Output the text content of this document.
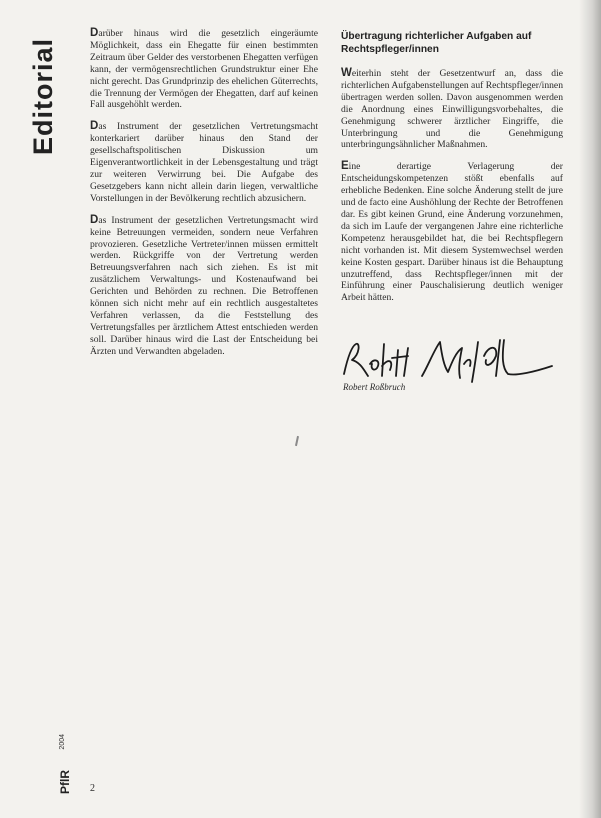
Editorial

Darüber hinaus wird die gesetzlich eingeräumte Möglichkeit, dass ein Ehegatte für einen bestimmten Zeitraum über Gelder des verstorbenen Ehegatten verfügen kann, der vermögensrechtlichen Grundstruktur einer Ehe nicht gerecht. Das Grundprinzip des ehelichen Güterrechts, die Trennung der Vermögen der Ehegatten, darf auf keinen Fall ausgehöhlt werden.

Das Instrument der gesetzlichen Vertretungsmacht konterkariert darüber hinaus den Stand der gesellschaftspolitischen Diskussion um Eigenverantwortlichkeit in der Lebensgestaltung und trägt zur weiteren Verwirrung bei. Die Aufgabe des Gesetzgebers kann nicht allein darin liegen, verwaltliche Vorstellungen in der Bevölkerung rechtlich abzusichern.

Das Instrument der gesetzlichen Vertretungsmacht wird keine Betreuungen vermeiden, sondern neue Verfahren provozieren. Gesetzliche Vertreter/innen müssen ermittelt werden. Rückgriffe von der Vertretung werden Betreuungsverfahren nach sich ziehen. Es ist mit zusätzlichem Verwaltungs- und Kostenaufwand bei Gerichten und Behörden zu rechnen. Die Betroffenen können sich nicht mehr auf ein rechtlich ausgestaltetes Verfahren verlassen, da die Feststellung des Vertretungsfalles per ärztlichem Attest entschieden werden soll. Darüber hinaus wird die Last der Entscheidung bei Ärzten und Verwandten abgeladen.

Übertragung richterlicher Aufgaben auf Rechtspfleger/innen

Weiterhin steht der Gesetzentwurf an, dass die richterlichen Aufgabenstellungen auf Rechtspfleger/innen übertragen werden sollen. Davon ausgenommen werden die Anordnung eines Einwilligungsvorbehaltes, die Genehmigung schwerer ärztlicher Eingriffe, die Unterbringung und die Genehmigung unterbringungsähnlicher Maßnahmen.

Eine derartige Verlagerung der Entscheidungskompetenzen stößt ebenfalls auf erhebliche Bedenken. Eine solche Änderung stellt de jure und de facto eine Aushöhlung der Rechte der Betroffenen dar. Es gibt keinen Grund, eine Änderung vorzunehmen, da sich im Laufe der vergangenen Jahre eine richterliche Kompetenz herausgebildet hat, die bei Rechtspflegern nicht vorhanden ist. Mit diesem Systemwechsel werden keine Kosten gespart. Darüber hinaus ist die Behauptung unzutreffend, dass Rechtspfleger/innen mit der Einführung einer Pauschalisierung deutlich weniger Arbeit hätten.

Robert Roßbruch
2004
PflR 2
